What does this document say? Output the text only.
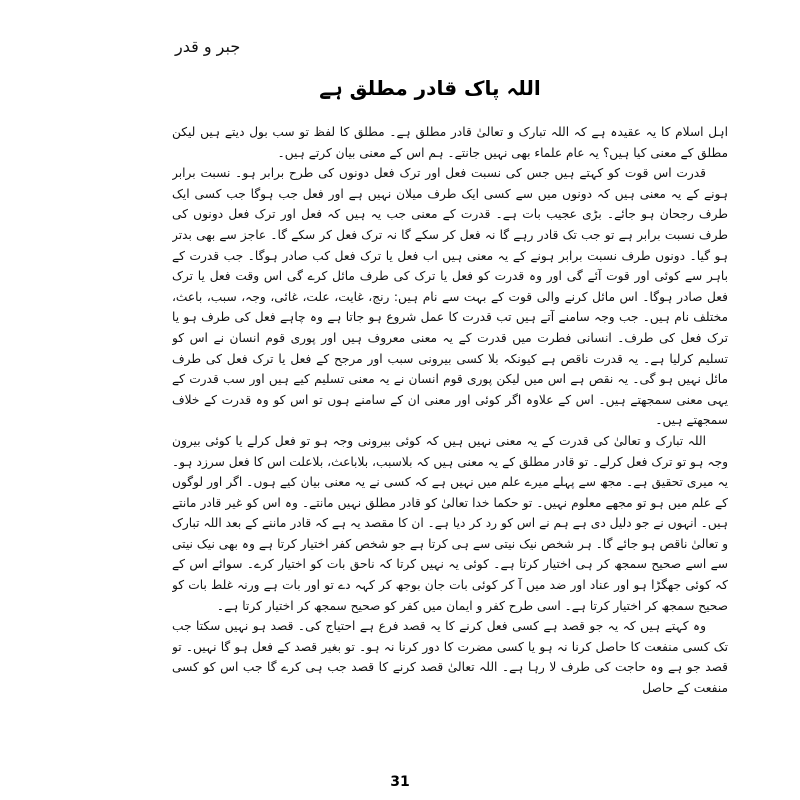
جبر و قدر

اللہ پاک قادر مطلق ہے

اہل اسلام کا یہ عقیدہ ہے کہ اللہ تبارک و تعالیٰ قادر مطلق ہے۔ مطلق کا لفظ تو سب بول دیتے ہیں لیکن مطلق کے معنی کیا ہیں؟ یہ عام علماء بھی نہیں جانتے۔ ہم اس کے معنی بیان کرتے ہیں۔

قدرت اس قوت کو کہتے ہیں جس کی نسبت فعل اور ترک فعل دونوں کی طرح برابر ہو۔ نسبت برابر ہونے کے یہ معنی ہیں کہ دونوں میں سے کسی ایک طرف میلان نہیں ہے اور فعل جب ہوگا جب کسی ایک طرف رجحان ہو جائے۔ بڑی عجیب بات ہے۔ قدرت کے معنی جب یہ ہیں کہ فعل اور ترک فعل دونوں کی طرف نسبت برابر ہے تو جب تک قادر رہے گا نہ فعل کر سکے گا نہ ترک فعل کر سکے گا۔ عاجز سے بھی بدتر ہو گیا۔ دونوں طرف نسبت برابر ہونے کے یہ معنی ہیں اب فعل یا ترک فعل کب صادر ہوگا۔ جب قدرت کے باہر سے کوئی اور قوت آئے گی اور وہ قدرت کو فعل یا ترک کی طرف مائل کرے گی اس وقت فعل یا ترک فعل صادر ہوگا۔ اس مائل کرنے والی قوت کے بہت سے نام ہیں: رنج، غایت، علت، غائی، وجہ، سبب، باعث، مختلف نام ہیں۔ جب وجہ سامنے آتے ہیں تب قدرت کا عمل شروع ہو جاتا ہے وہ چاہے فعل کی طرف ہو یا ترک فعل کی طرف۔ انسانی فطرت میں قدرت کے یہ معنی معروف ہیں اور پوری قوم انسان نے اس کو تسلیم کرلیا ہے۔ یہ قدرت ناقص ہے کیونکہ بلا کسی بیرونی سبب اور مرجح کے فعل یا ترک فعل کی طرف مائل نہیں ہو گی۔ یہ نقص ہے اس میں لیکن پوری قوم انسان نے یہ معنی تسلیم کیے ہیں اور سب قدرت کے یہی معنی سمجھتے ہیں۔ اس کے علاوہ اگر کوئی اور معنی ان کے سامنے ہوں تو اس کو وہ قدرت کے خلاف سمجھتے ہیں۔

اللہ تبارک و تعالیٰ کی قدرت کے یہ معنی نہیں ہیں کہ کوئی بیرونی وجہ ہو تو فعل کرلے یا کوئی بیرون وجہ ہو تو ترک فعل کرلے۔ تو قادر مطلق کے یہ معنی ہیں کہ بلاسبب، بلاباعث، بلاعلت اس کا فعل سرزد ہو۔ یہ میری تحقیق ہے۔ مجھ سے پہلے میرے علم میں نہیں ہے کہ کسی نے یہ معنی بیان کیے ہوں۔ اگر اور لوگوں کے علم میں ہو تو مجھے معلوم نہیں۔ تو حکما خدا تعالیٰ کو قادر مطلق نہیں مانتے۔ وہ اس کو غیر قادر مانتے ہیں۔ انہوں نے جو دلیل دی ہے ہم نے اس کو رد کر دیا ہے۔ ان کا مقصد یہ ہے کہ قادر ماننے کے بعد اللہ تبارک و تعالیٰ ناقص ہو جائے گا۔ ہر شخص نیک نیتی سے ہی کرتا ہے جو شخص کفر اختیار کرتا ہے وہ بھی نیک نیتی سے اسے صحیح سمجھ کر ہی اختیار کرتا ہے۔ کوئی یہ نہیں کرتا کہ ناحق بات کو اختیار کرے۔ سوائے اس کے کہ کوئی جھگڑا ہو اور عناد اور ضد میں آ کر کوئی بات جان بوجھ کر کہہ دے تو اور بات ہے ورنہ غلط بات کو صحیح سمجھ کر اختیار کرتا ہے۔ اسی طرح کفر و ایمان میں کفر کو صحیح سمجھ کر اختیار کرتا ہے۔

وہ کہتے ہیں کہ یہ جو قصد ہے کسی فعل کرنے کا یہ قصد فرع ہے احتیاج کی۔ قصد ہو نہیں سکتا جب تک کسی منفعت کا حاصل کرنا نہ ہو یا کسی مضرت کا دور کرنا نہ ہو۔ تو بغیر قصد کے فعل ہو گا نہیں۔ تو قصد جو ہے وہ حاجت کی طرف لا رہا ہے۔ اللہ تعالیٰ قصد کرنے کا قصد جب ہی کرے گا جب اس کو کسی منفعت کے حاصل

31
